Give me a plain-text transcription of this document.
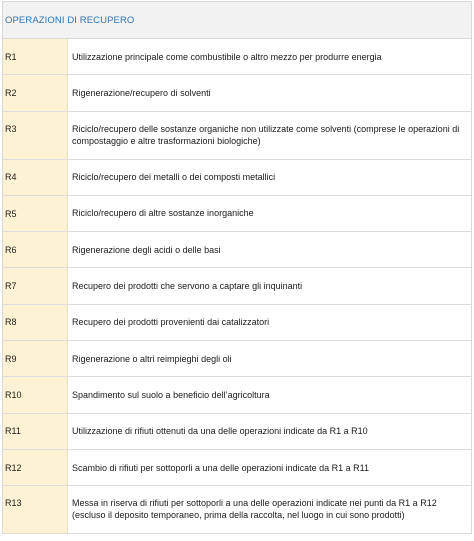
OPERAZIONI DI RECUPERO
R1	Utilizzazione principale come combustibile o altro mezzo per produrre energia
R2	Rigenerazione/recupero di solventi
R3	Riciclo/recupero delle sostanze organiche non utilizzate come solventi (comprese le operazioni di compostaggio e altre trasformazioni biologiche)
R4	Riciclo/recupero dei metalli o dei composti metallici
R5	Riciclo/recupero di altre sostanze inorganiche
R6	Rigenerazione degli acidi o delle basi
R7	Recupero dei prodotti che servono a captare gli inquinanti
R8	Recupero dei prodotti provenienti dai catalizzatori
R9	Rigenerazione o altri reimpieghi degli oli
R10	Spandimento sul suolo a beneficio dell’agricoltura
R11	Utilizzazione di rifiuti ottenuti da una delle operazioni indicate da R1 a R10
R12	Scambio di rifiuti per sottoporli a una delle operazioni indicate da R1 a R11
R13	Messa in riserva di rifiuti per sottoporli a una delle operazioni indicate nei punti da R1 a R12 (escluso il deposito temporaneo, prima della raccolta, nel luogo in cui sono prodotti)
